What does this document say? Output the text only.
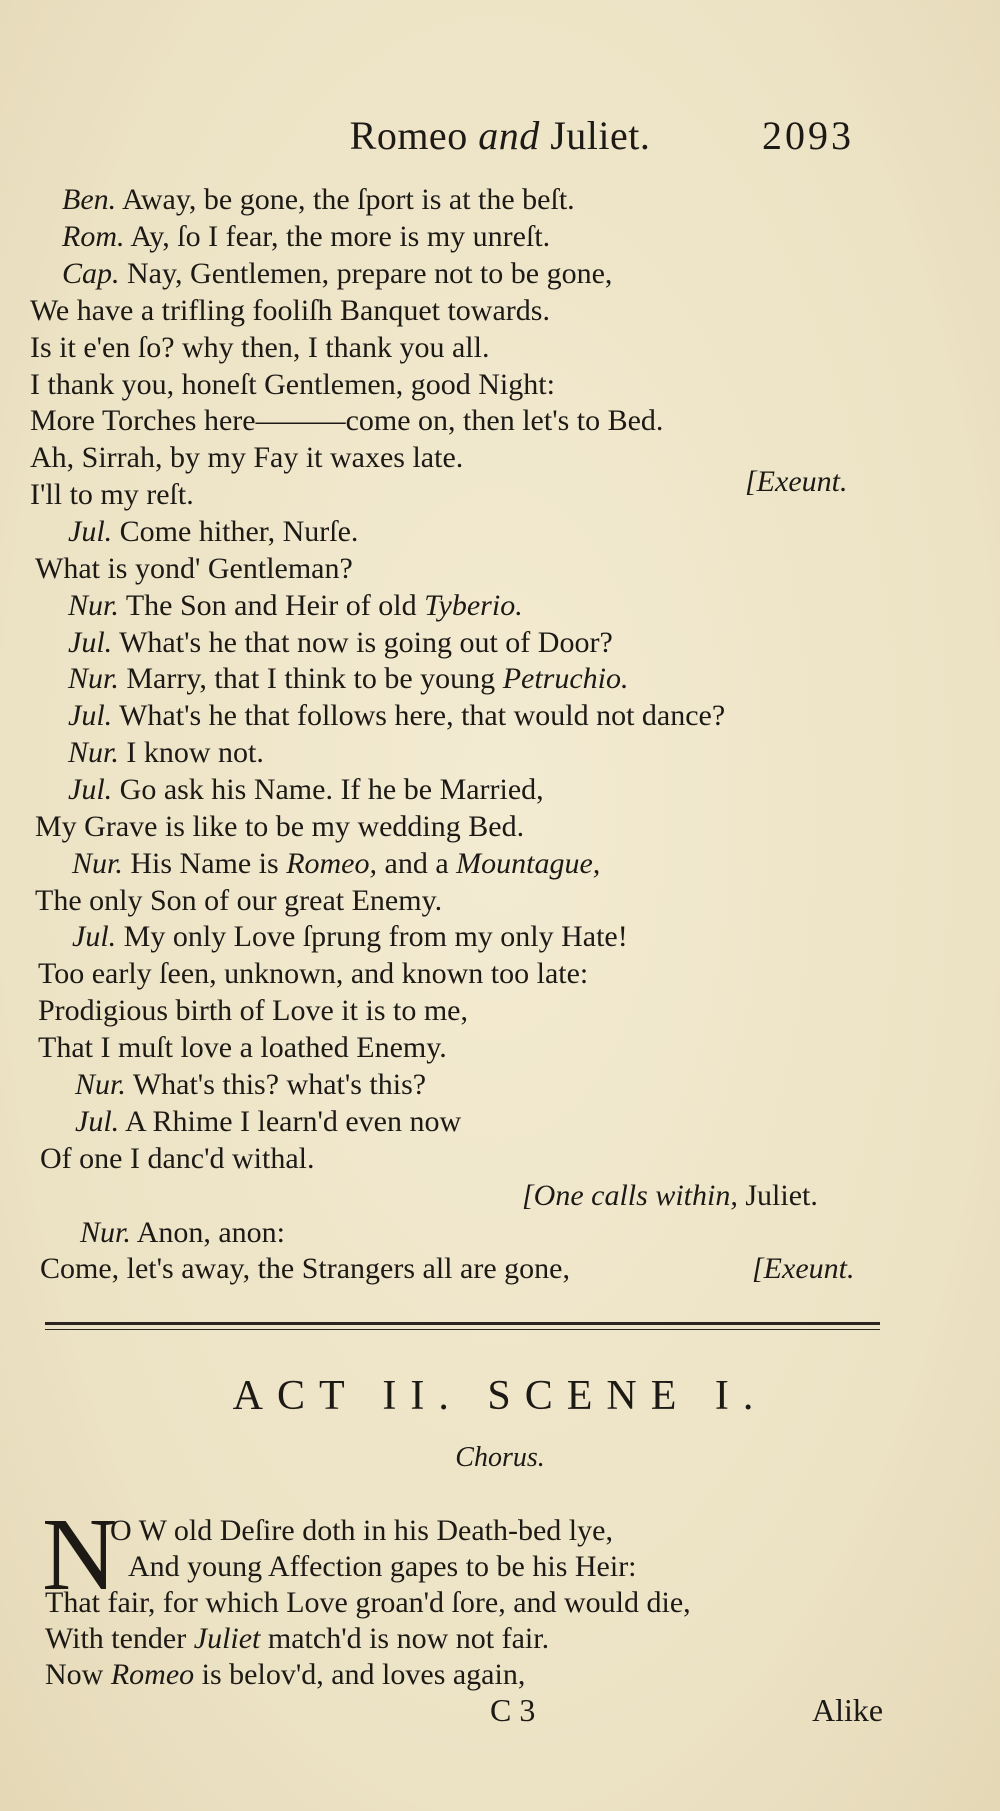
Romeo and Juliet.	2093
Ben. Away, be gone, the ſport is at the beſt.
Rom. Ay, ſo I fear, the more is my unreſt.
Cap. Nay, Gentlemen, prepare not to be gone,
We have a trifling fooliſh Banquet towards.
Is it e'en ſo? why then, I thank you all.
I thank you, honeſt Gentlemen, good Night:
More Torches here———come on, then let's to Bed.
Ah, Sirrah, by my Fay it waxes late.
I'll to my reſt.
Jul. Come hither, Nurſe.
What is yond' Gentleman?
Nur. The Son and Heir of old Tyberio.
Jul. What's he that now is going out of Door?
Nur. Marry, that I think to be young Petruchio.
Jul. What's he that follows here, that would not dance?
Nur. I know not.
Jul. Go ask his Name. If he be Married,
My Grave is like to be my wedding Bed.
Nur. His Name is Romeo, and a Mountague,
The only Son of our great Enemy.
Jul. My only Love ſprung from my only Hate!
Too early ſeen, unknown, and known too late:
Prodigious birth of Love it is to me,
That I muſt love a loathed Enemy.
Nur. What's this? what's this?
Jul. A Rhime I learn'd even now
Of one I danc'd withal.
Nur. Anon, anon:
Come, let's away, the Strangers all are gone,
[Exeunt.
[One calls within, Juliet.
[Exeunt.
ACT II. SCENE I.
Chorus.
N
O W old Deſire doth in his Death-bed lye,
And young Affection gapes to be his Heir:
That fair, for which Love groan'd ſore, and would die,
With tender Juliet match'd is now not fair.
Now Romeo is belov'd, and loves again,
C 3	Alike
